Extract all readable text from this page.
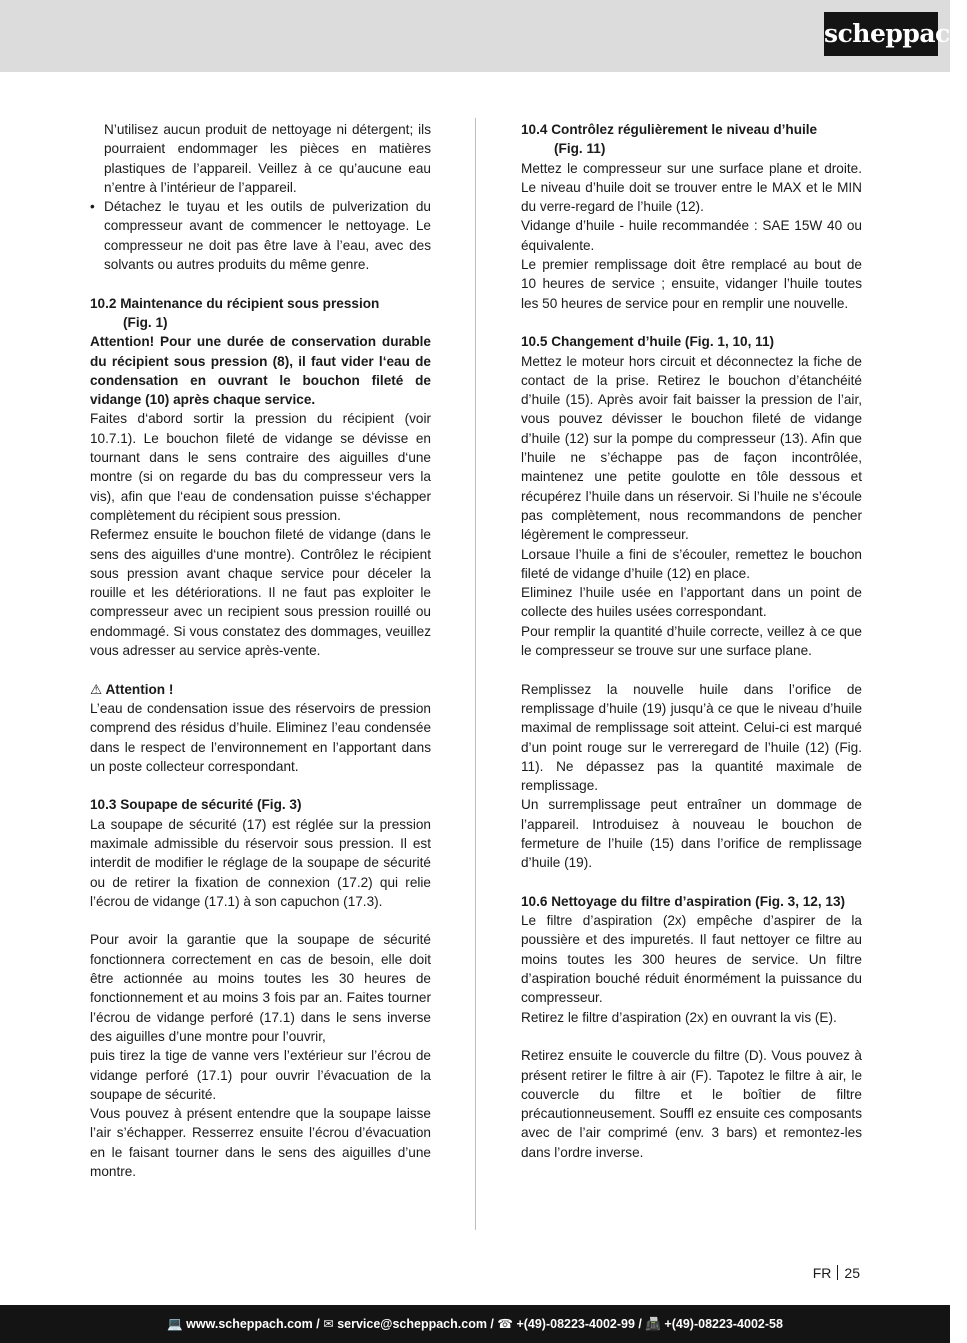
scheppach

N’utilisez aucun produit de nettoyage ni détergent; ils pourraient endommager les pièces en matières plastiques de l’appareil. Veillez à ce qu’aucune eau n’entre à l’intérieur de l’appareil.

• Détachez le tuyau et les outils de pulverization du compresseur avant de commencer le nettoyage. Le compresseur ne doit pas être lave à l’eau, avec des solvants ou autres produits du même genre.

10.2 Maintenance du récipient sous pression
(Fig. 1)

Attention! Pour une durée de conservation durable du récipient sous pression (8), il faut vider l‘eau de condensation en ouvrant le bouchon fileté de vidange (10) après chaque service.

Faites d‘abord sortir la pression du récipient (voir 10.7.1). Le bouchon fileté de vidange se dévisse en tournant dans le sens contraire des aiguilles d‘une montre (si on regarde du bas du compresseur vers la vis), afin que l‘eau de condensation puisse s‘échapper complètement du récipient sous pression.

Refermez ensuite le bouchon fileté de vidange (dans le sens des aiguilles d‘une montre). Contrôlez le récipient sous pression avant chaque service pour déceler la rouille et les détériorations. Il ne faut pas exploiter le compresseur avec un recipient sous pression rouillé ou endommagé. Si vous constatez des dommages, veuillez vous adresser au service après-vente.

⚠ Attention !

L’eau de condensation issue des réservoirs de pression comprend des résidus d’huile. Eliminez l’eau condensée dans le respect de l’environnement en l’apportant dans un poste collecteur correspondant.

10.3 Soupape de sécurité (Fig. 3)

La soupape de sécurité (17) est réglée sur la pression maximale admissible du réservoir sous pression. Il est interdit de modifier le réglage de la soupape de sécurité ou de retirer la fixation de connexion (17.2) qui relie l’écrou de vidange (17.1) à son capuchon (17.3).

Pour avoir la garantie que la soupape de sécurité fonctionnera correctement en cas de besoin, elle doit être actionnée au moins toutes les 30 heures de fonctionnement et au moins 3 fois par an. Faites tourner l’écrou de vidange perforé (17.1) dans le sens inverse des aiguilles d’une montre pour l’ouvrir,

puis tirez la tige de vanne vers l’extérieur sur l’écrou de vidange perforé (17.1) pour ouvrir l’évacuation de la soupape de sécurité.

Vous pouvez à présent entendre que la soupape laisse l’air s’échapper. Resserrez ensuite l’écrou d’évacuation en le faisant tourner dans le sens des aiguilles d’une montre.

10.4 Contrôlez régulièrement le niveau d’huile
(Fig. 11)

Mettez le compresseur sur une surface plane et droite. Le niveau d’huile doit se trouver entre le MAX et le MIN du verre-regard de l’huile (12).

Vidange d’huile - huile recommandée : SAE 15W 40 ou équivalente.

Le premier remplissage doit être remplacé au bout de 10 heures de service ; ensuite, vidanger l’huile toutes les 50 heures de service pour en remplir une nouvelle.

10.5 Changement d’huile (Fig. 1, 10, 11)

Mettez le moteur hors circuit et déconnectez la fiche de contact de la prise. Retirez le bouchon d’étanchéité d’huile (15). Après avoir fait baisser la pression de l’air, vous pouvez dévisser le bouchon fileté de vidange d’huile (12) sur la pompe du compresseur (13). Afin que l’huile ne s’échappe pas de façon incontrôlée, maintenez une petite goulotte en tôle dessous et récupérez l’huile dans un réservoir. Si l’huile ne s’écoule pas complètement, nous recommandons de pencher légèrement le compresseur.

Lorsaue l’huile a fini de s’écouler, remettez le bouchon fileté de vidange d’huile (12) en place.

Eliminez l’huile usée en l’apportant dans un point de collecte des huiles usées correspondant.

Pour remplir la quantité d’huile correcte, veillez à ce que le compresseur se trouve sur une surface plane.

Remplissez la nouvelle huile dans l’orifice de remplissage d’huile (19) jusqu’à ce que le niveau d’huile maximal de remplissage soit atteint. Celui-ci est marqué d’un point rouge sur le verreregard de l’huile (12) (Fig. 11). Ne dépassez pas la quantité maximale de remplissage.

Un surremplissage peut entraîner un dommage de l’appareil. Introduisez à nouveau le bouchon de fermeture de l’huile (15) dans l’orifice de remplissage d’huile (19).

10.6 Nettoyage du filtre d’aspiration (Fig. 3, 12, 13)

Le filtre d’aspiration (2x) empêche d’aspirer de la poussière et des impuretés. Il faut nettoyer ce filtre au moins toutes les 300 heures de service. Un filtre d’aspiration bouché réduit énormément la puissance du compresseur.

Retirez le filtre d’aspiration (2x) en ouvrant la vis (E).

Retirez ensuite le couvercle du filtre (D). Vous pouvez à présent retirer le filtre à air (F). Tapotez le filtre à air, le couvercle du filtre et le boîtier de filtre précautionneusement. Souffl ez ensuite ces composants avec de l’air comprimé (env. 3 bars) et remontez-les dans l’ordre inverse.

FR 25
💻 www.scheppach.com / ✉ service@scheppach.com / ☎ +(49)-08223-4002-99 / 📠 +(49)-08223-4002-58
